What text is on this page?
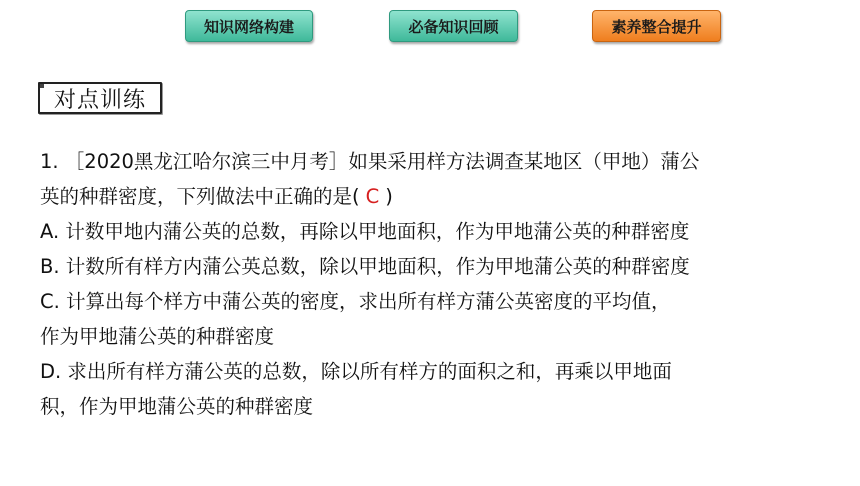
知识网络构建	必备知识回顾	素养整合提升
对点训练
1. ［2020黑龙江哈尔滨三中月考］如果采用样方法调查某地区（甲地）蒲公
英的种群密度，下列做法中正确的是( C )
A. 计数甲地内蒲公英的总数，再除以甲地面积，作为甲地蒲公英的种群密度
B. 计数所有样方内蒲公英总数，除以甲地面积，作为甲地蒲公英的种群密度
C. 计算出每个样方中蒲公英的密度，求出所有样方蒲公英密度的平均值，
作为甲地蒲公英的种群密度
D. 求出所有样方蒲公英的总数，除以所有样方的面积之和，再乘以甲地面
积，作为甲地蒲公英的种群密度
